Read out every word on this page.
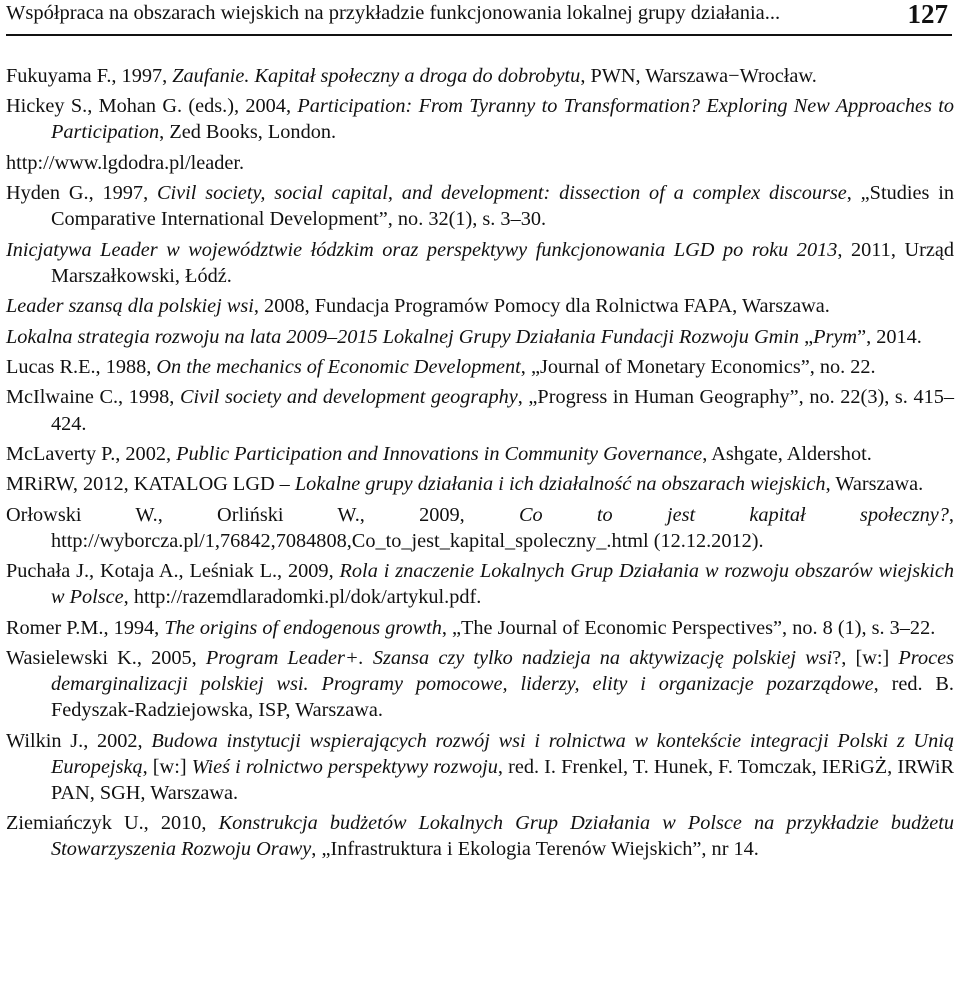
Współpraca na obszarach wiejskich na przykładzie funkcjonowania lokalnej grupy działania...	127

Fukuyama F., 1997, Zaufanie. Kapitał społeczny a droga do dobrobytu, PWN, Warszawa−Wrocław.

Hickey S., Mohan G. (eds.), 2004, Participation: From Tyranny to Transformation? Exploring New Approaches to Participation, Zed Books, London.

http://www.lgdodra.pl/leader.

Hyden G., 1997, Civil society, social capital, and development: dissection of a complex discourse, „Studies in Comparative International Development”, no. 32(1), s. 3–30.

Inicjatywa Leader w województwie łódzkim oraz perspektywy funkcjonowania LGD po roku 2013, 2011, Urząd Marszałkowski, Łódź.

Leader szansą dla polskiej wsi, 2008, Fundacja Programów Pomocy dla Rolnictwa FAPA, Warszawa.

Lokalna strategia rozwoju na lata 2009–2015 Lokalnej Grupy Działania Fundacji Rozwoju Gmin „Prym”, 2014.

Lucas R.E., 1988, On the mechanics of Economic Development, „Journal of Monetary Economics”, no. 22.

McIlwaine C., 1998, Civil society and development geography, „Progress in Human Geography”, no. 22(3), s. 415–424.

McLaverty P., 2002, Public Participation and Innovations in Community Governance, Ashgate, Aldershot.

MRiRW, 2012, KATALOG LGD – Lokalne grupy działania i ich działalność na obszarach wiejskich, Warszawa.

Orłowski W., Orliński W., 2009, Co to jest kapitał społeczny?, http://wyborcza.pl/1,76842,7084808,Co_to_jest_kapital_spoleczny_.html (12.12.2012).

Puchała J., Kotaja A., Leśniak L., 2009, Rola i znaczenie Lokalnych Grup Działania w rozwoju obszarów wiejskich w Polsce, http://razemdlaradomki.pl/dok/artykul.pdf.

Romer P.M., 1994, The origins of endogenous growth, „The Journal of Economic Perspectives”, no. 8 (1), s. 3–22.

Wasielewski K., 2005, Program Leader+. Szansa czy tylko nadzieja na aktywizację polskiej wsi?, [w:] Proces demarginalizacji polskiej wsi. Programy pomocowe, liderzy, elity i organizacje pozarządowe, red. B. Fedyszak-Radziejowska, ISP, Warszawa.

Wilkin J., 2002, Budowa instytucji wspierających rozwój wsi i rolnictwa w kontekście integracji Polski z Unią Europejską, [w:] Wieś i rolnictwo perspektywy rozwoju, red. I. Frenkel, T. Hunek, F. Tomczak, IERiGŻ, IRWiR PAN, SGH, Warszawa.

Ziemiańczyk U., 2010, Konstrukcja budżetów Lokalnych Grup Działania w Polsce na przykładzie budżetu Stowarzyszenia Rozwoju Orawy, „Infrastruktura i Ekologia Terenów Wiejskich”, nr 14.
